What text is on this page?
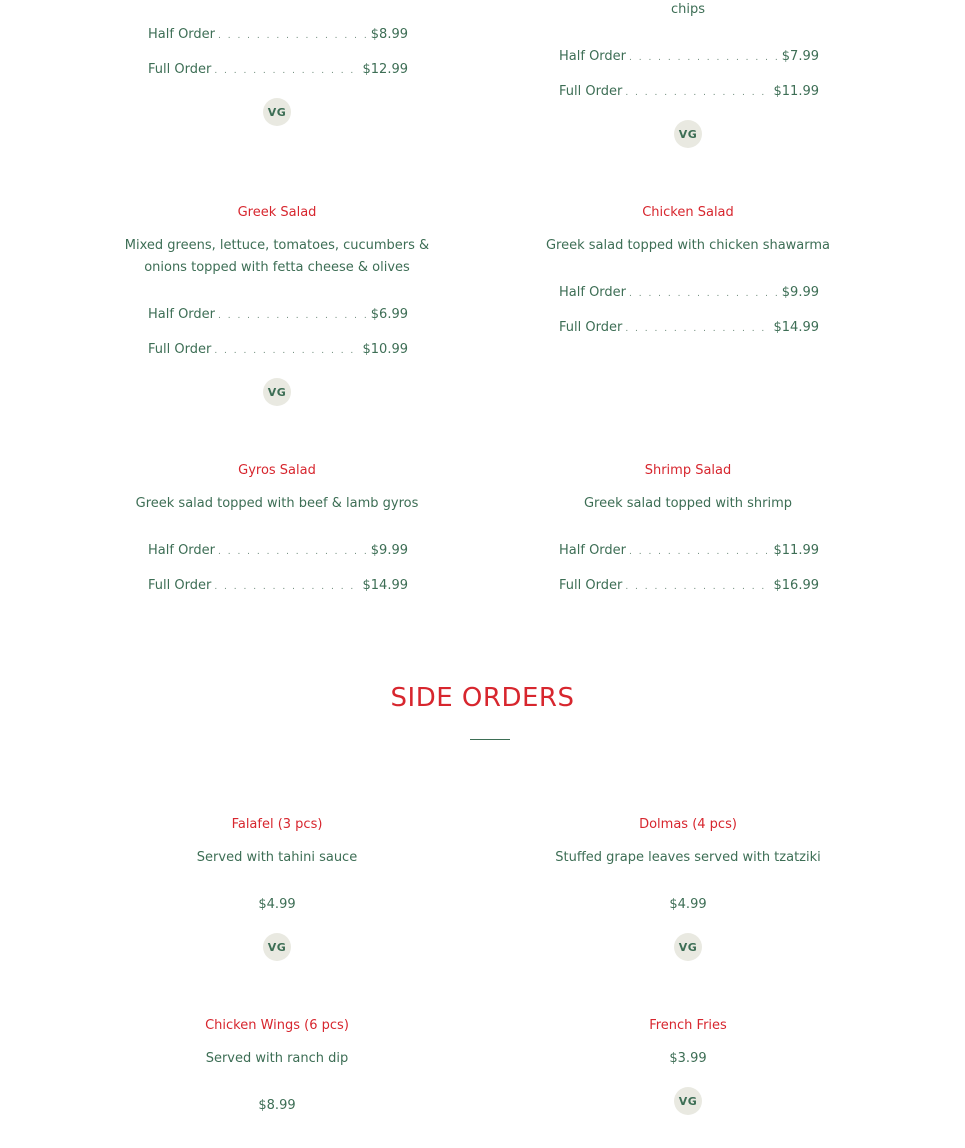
Half Order . . .	$8.99
Full Order . . .	$12.99
VG
chips
Half Order . . .	$7.99
Full Order . . .	$11.99
VG
Greek Salad
Mixed greens, lettuce, tomatoes, cucumbers &
onions topped with fetta cheese & olives
Half Order . . .	$6.99
Full Order . . .	$10.99
VG
Chicken Salad
Greek salad topped with chicken shawarma
Half Order . . .	$9.99
Full Order . . .	$14.99
Gyros Salad
Greek salad topped with beef & lamb gyros
Half Order . . .	$9.99
Full Order . . .	$14.99
Shrimp Salad
Greek salad topped with shrimp
Half Order . . .	$11.99
Full Order . . .	$16.99
SIDE ORDERS
Falafel (3 pcs)
Served with tahini sauce
$4.99
VG
Dolmas (4 pcs)
Stuffed grape leaves served with tzatziki
$4.99
VG
Chicken Wings (6 pcs)
Served with ranch dip
$8.99
French Fries
$3.99
VG
